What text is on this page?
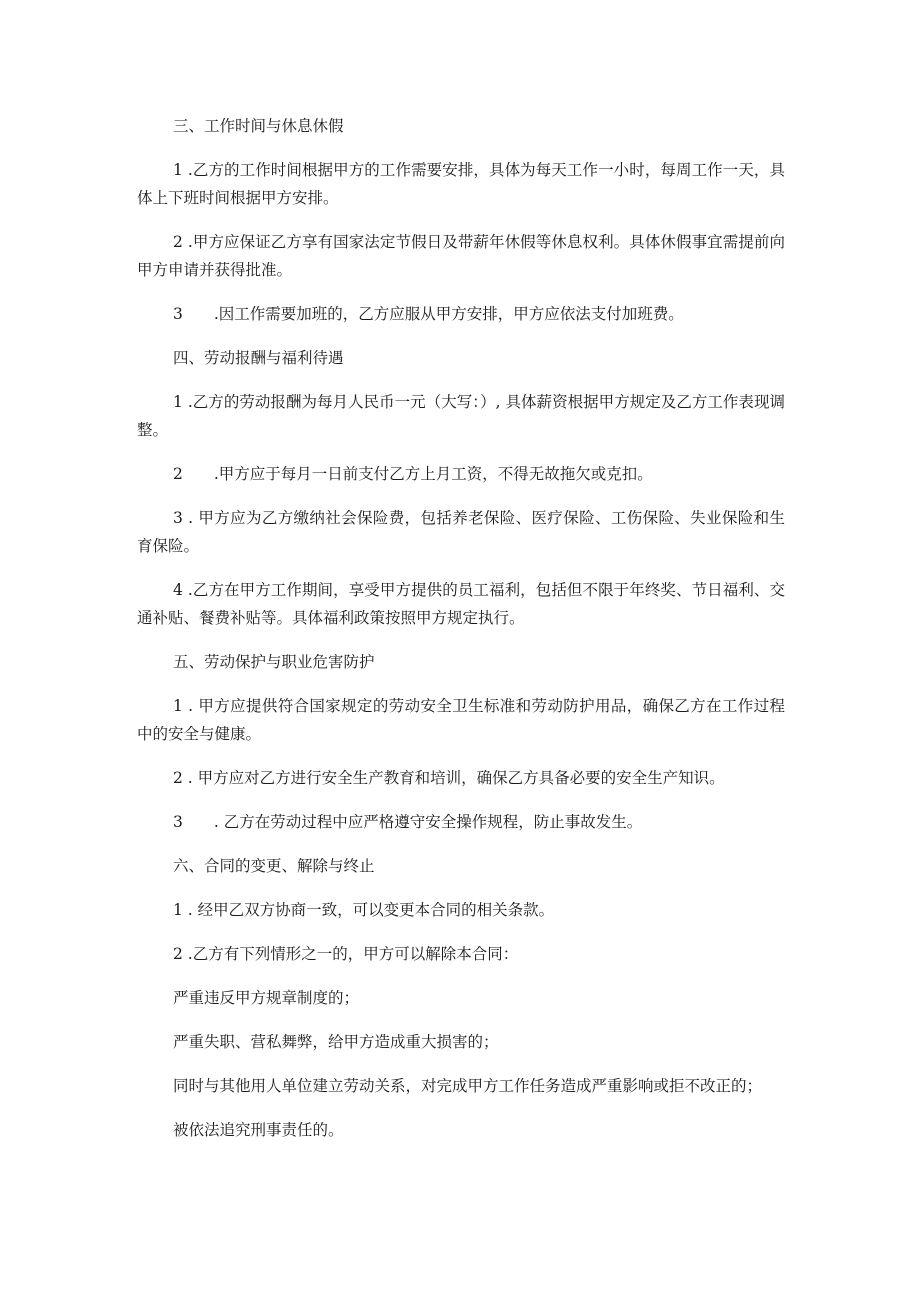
三、工作时间与休息休假

1 .乙方的工作时间根据甲方的工作需要安排，具体为每天工作一小时，每周工作一天，具体上下班时间根据甲方安排。

2 .甲方应保证乙方享有国家法定节假日及带薪年休假等休息权利。具体休假事宜需提前向甲方申请并获得批准。

3  .因工作需要加班的，乙方应服从甲方安排，甲方应依法支付加班费。

四、劳动报酬与福利待遇

1 .乙方的劳动报酬为每月人民币一元（大写：）, 具体薪资根据甲方规定及乙方工作表现调整。

2  .甲方应于每月一日前支付乙方上月工资，不得无故拖欠或克扣。

3 . 甲方应为乙方缴纳社会保险费，包括养老保险、医疗保险、工伤保险、失业保险和生育保险。

4 .乙方在甲方工作期间，享受甲方提供的员工福利，包括但不限于年终奖、节日福利、交通补贴、餐费补贴等。具体福利政策按照甲方规定执行。

五、劳动保护与职业危害防护

1 . 甲方应提供符合国家规定的劳动安全卫生标准和劳动防护用品，确保乙方在工作过程中的安全与健康。

2 . 甲方应对乙方进行安全生产教育和培训，确保乙方具备必要的安全生产知识。

3  . 乙方在劳动过程中应严格遵守安全操作规程，防止事故发生。

六、合同的变更、解除与终止

1 . 经甲乙双方协商一致，可以变更本合同的相关条款。

2 .乙方有下列情形之一的，甲方可以解除本合同：

严重违反甲方规章制度的；

严重失职、营私舞弊，给甲方造成重大损害的；

同时与其他用人单位建立劳动关系，对完成甲方工作任务造成严重影响或拒不改正的；

被依法追究刑事责任的。
